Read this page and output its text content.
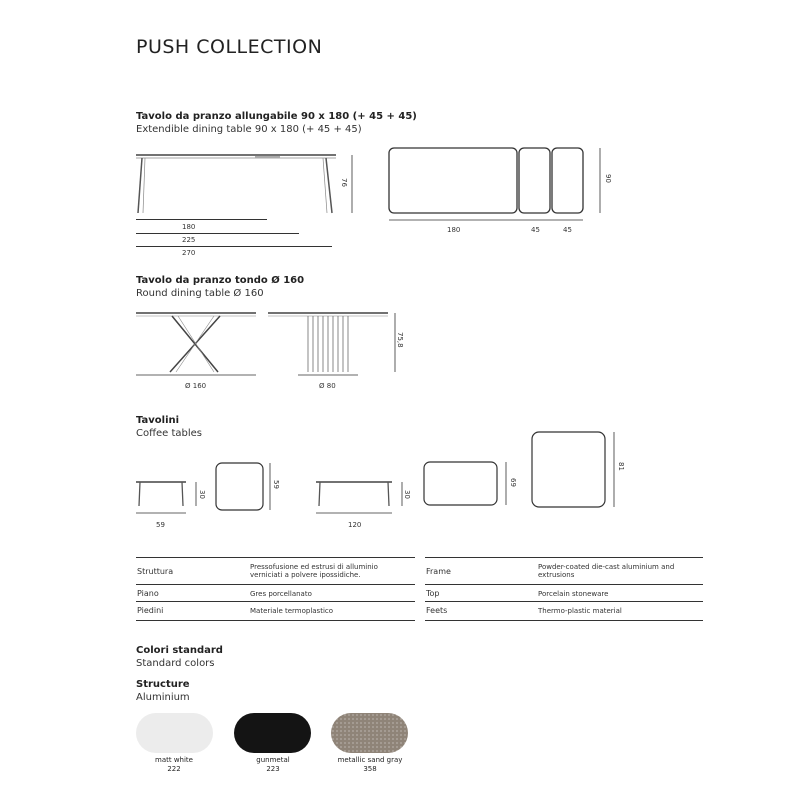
PUSH COLLECTION
Tavolo da pranzo allungabile 90 x 180 (+ 45 + 45)
Extendible dining table 90 x 180 (+ 45 + 45)
76
180
225
270
180	45	45
90
Tavolo da pranzo tondo Ø 160
Round dining table Ø 160
Ø 160	Ø 80
75,8
Tavolini
Coffee tables
59
30
59
120
30
69
81
Struttura	Pressofusione ed estrusi di alluminio verniciati a polvere ipossidiche.
Piano	Gres porcellanato
Piedini	Materiale termoplastico
Frame	Powder-coated die-cast aluminium and extrusions
Top	Porcelain stoneware
Feets	Thermo-plastic material
Colori standard
Standard colors
Structure
Aluminium
matt white
222
gunmetal
223
metallic sand gray
358
